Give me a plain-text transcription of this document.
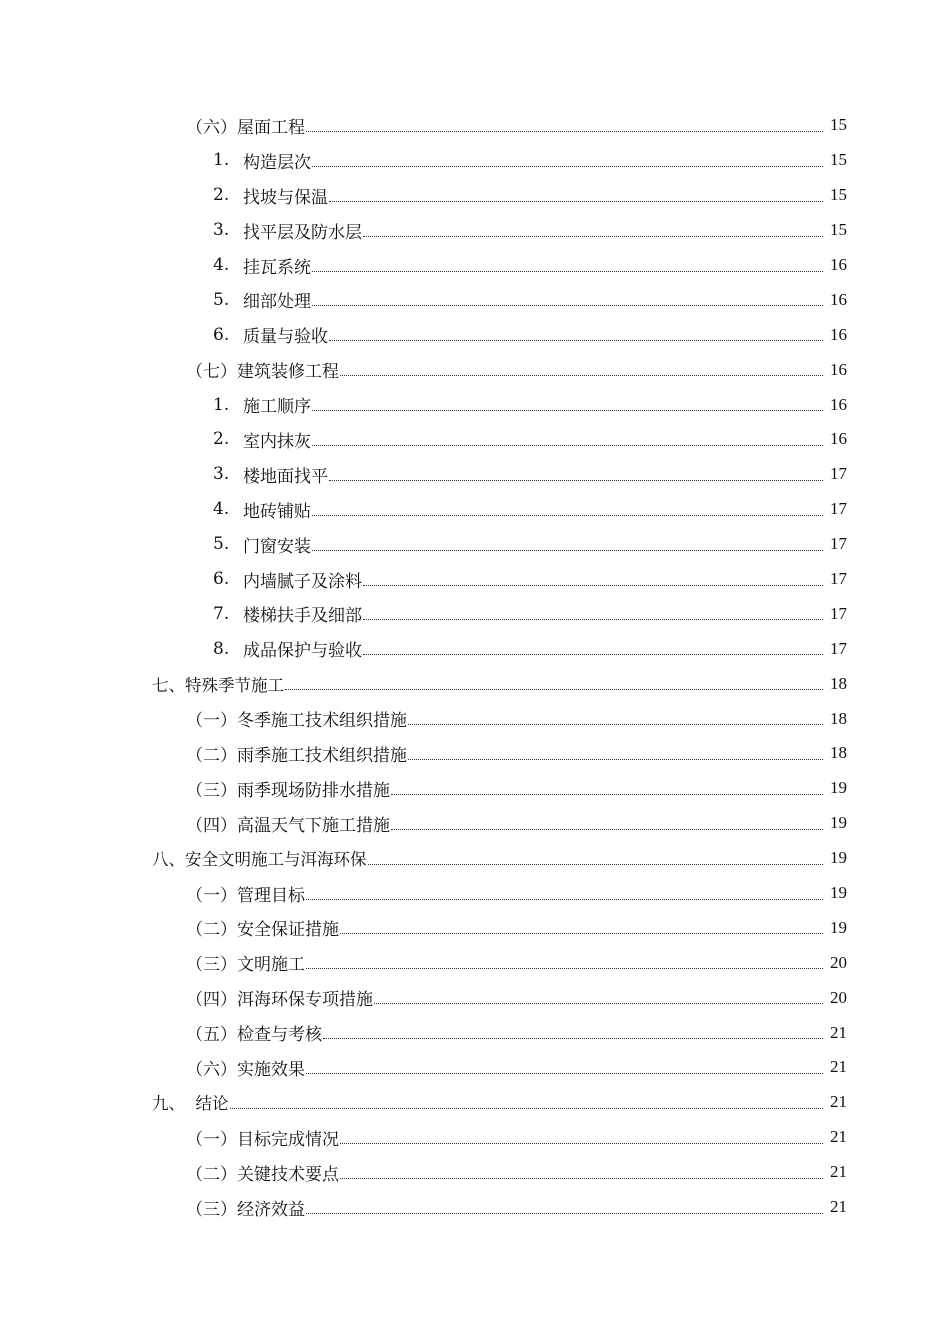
（六） 屋面工程	15
1. 构造层次	15
2. 找坡与保温	15
3. 找平层及防水层	15
4. 挂瓦系统	16
5. 细部处理	16
6. 质量与验收	16
（七） 建筑装修工程	16
1. 施工顺序	16
2. 室内抹灰	16
3. 楼地面找平	17
4. 地砖铺贴	17
5. 门窗安装	17
6. 内墙腻子及涂料	17
7. 楼梯扶手及细部	17
8. 成品保护与验收	17
七、 特殊季节施工	18
（一） 冬季施工技术组织措施	18
（二） 雨季施工技术组织措施	18
（三） 雨季现场防排水措施	19
（四） 高温天气下施工措施	19
八、 安全文明施工与洱海环保	19
（一） 管理目标	19
（二） 安全保证措施	19
（三） 文明施工	20
（四） 洱海环保专项措施	20
（五） 检查与考核	21
（六） 实施效果	21
九、 结论	21
（一） 目标完成情况	21
（二） 关键技术要点	21
（三） 经济效益	21
